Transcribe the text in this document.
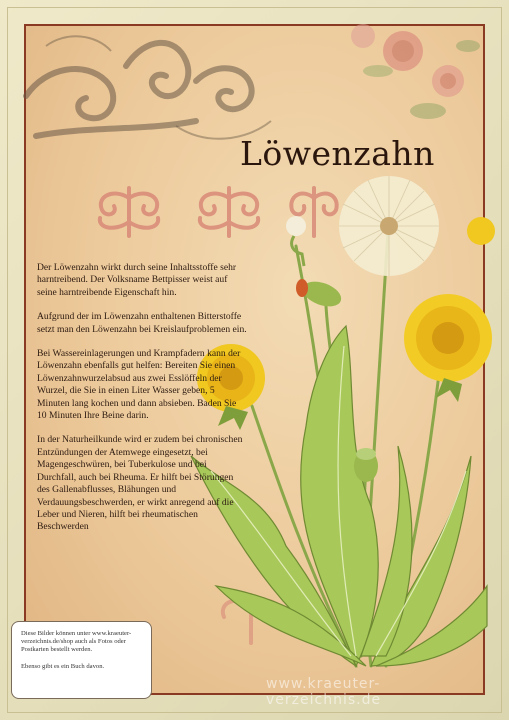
Löwenzahn

Der Löwenzahn wirkt durch seine Inhaltsstoffe sehr harntreibend. Der Volksname Bettpisser weist auf seine harntreibende Eigenschaft hin.

Aufgrund der im Löwenzahn enthaltenen Bitterstoffe setzt man den Löwenzahn bei Kreislaufproblemen ein.

Bei Wassereinlagerungen und Krampfadern kann der Löwenzahn ebenfalls gut helfen: Bereiten Sie einen Löwenzahnwurzelabsud aus zwei Esslöffeln der Wurzel, die Sie in einen Liter Wasser geben, 5 Minuten lang kochen und dann absieben. Baden Sie 10 Minuten Ihre Beine darin.

In der Naturheilkunde wird er zudem bei chronischen Entzündungen der Atemwege eingesetzt, bei Magengeschwüren, bei Tuberkulose und bei Durchfall, auch bei Rheuma. Er hilft bei Störungen des Gallenabflusses, Blähungen und Verdauungsbeschwerden, er wirkt anregend auf die Leber und Nieren, hilft bei rheumatischen Beschwerden

www.kraeuter-verzeichnis.de

Diese Bilder können unter www.kraeuter-verzeichnis.de/shop auch als Fotos oder Postkarten bestellt werden.

Ebenso gibt es ein Buch davon.
